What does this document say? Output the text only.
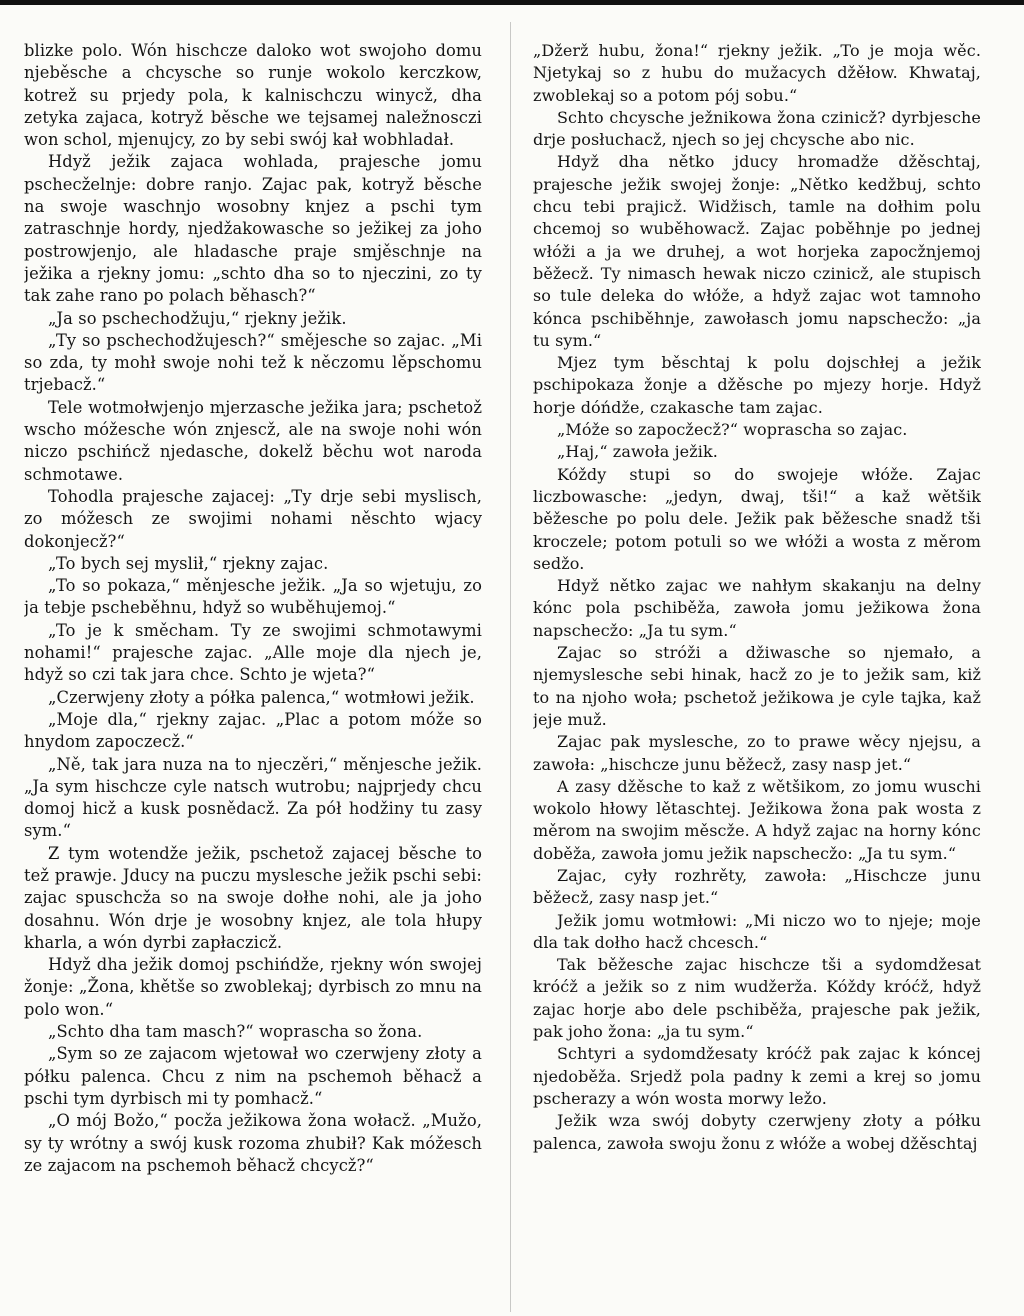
blizke polo. Wón hischcze daloko wot swojoho domu njeběsche a chcysche so runje wokolo kerczkow, kotrež su prjedy pola, k kalnischczu winycž, dha zetyka zajaca, kotryž běsche we tejsamej naležnosczi won schol, mjenujcy, zo by sebi swój kał wobhladał.

Hdyž ježik zajaca wohlada, prajesche jomu pschecželnje: dobre ranjo. Zajac pak, kotryž běsche na swoje waschnjo wosobny knjez a pschi tym zatraschnje hordy, njedžakowasche so ježikej za joho postrowjenjo, ale hladasche praje smjěschnje na ježika a rjekny jomu: „schto dha so to njeczini, zo ty tak zahe rano po polach běhasch?“

„Ja so pschechodžuju,“ rjekny ježik.

„Ty so pschechodžujesch?“ smějesche so zajac. „Mi so zda, ty mohł swoje nohi tež k něczomu lěpschomu trjebacž.“

Tele wotmołwjenjo mjerzasche ježika jara; pschetož wscho móžesche wón znjescž, ale na swoje nohi wón niczo pschińcž njedasche, dokelž běchu wot naroda schmotawe.

Tohodla prajesche zajacej: „Ty drje sebi myslisch, zo móžesch ze swojimi nohami něschto wjacy dokonjecž?“

„To bych sej myslił,“ rjekny zajac.

„To so pokaza,“ měnjesche ježik. „Ja so wjetuju, zo ja tebje pscheběhnu, hdyž so wuběhujemoj.“

„To je k směcham. Ty ze swojimi schmotawymi nohami!“ prajesche zajac. „Alle moje dla njech je, hdyž so czi tak jara chce. Schto je wjeta?“

„Czerwjeny złoty a półka palenca,“ wotmłowi ježik.

„Moje dla,“ rjekny zajac. „Plac a potom móže so hnydom zapoczecž.“

„Ně, tak jara nuza na to njeczěri,“ měnjesche ježik. „Ja sym hischcze cyle natsch wutrobu; najprjedy chcu domoj hicž a kusk posnědacž. Za pół hodžiny tu zasy sym.“

Z tym wotendže ježik, pschetož zajacej běsche to tež prawje. Jducy na puczu myslesche ježik pschi sebi: zajac spuschcža so na swoje dołhe nohi, ale ja joho dosahnu. Wón drje je wosobny knjez, ale tola hłupy kharla, a wón dyrbi zapłaczicž.

Hdyž dha ježik domoj pschińdže, rjekny wón swojej žonje: „Žona, khětše so zwoblekaj; dyrbisch zo mnu na polo won.“

„Schto dha tam masch?“ woprascha so žona.

„Sym so ze zajacom wjetował wo czerwjeny złoty a półku palenca. Chcu z nim na pschemoh běhacž a pschi tym dyrbisch mi ty pomhacž.“

„O mój Božo,“ pocža ježikowa žona wołacž. „Mužo, sy ty wrótny a swój kusk rozoma zhubił? Kak móžesch ze zajacom na pschemoh běhacž chcycž?“

„Džerž hubu, žona!“ rjekny ježik. „To je moja wěc. Njetykaj so z hubu do mužacych džěłow. Khwataj, zwoblekaj so a potom pój sobu.“

Schto chcysche ježnikowa žona czinicž? dyrbjesche drje posłuchacž, njech so jej chcysche abo nic.

Hdyž dha nětko jducy hromadže džěschtaj, prajesche ježik swojej žonje: „Nětko kedžbuj, schto chcu tebi prajicž. Widžisch, tamle na dołhim polu chcemoj so wuběhowacž. Zajac poběhnje po jednej włóži a ja we druhej, a wot horjeka zapocžnjemoj běžecž. Ty nimasch hewak niczo czinicž, ale stupisch so tule deleka do włóže, a hdyž zajac wot tamnoho kónca pschiběhnje, zawołasch jomu napschecžo: „ja tu sym.“

Mjez tym běschtaj k polu dojschłej a ježik pschipokaza žonje a džěsche po mjezy horje. Hdyž horje dóńdže, czakasche tam zajac.

„Móže so zapocžecž?“ woprascha so zajac.

„Haj,“ zawoła ježik.

Kóždy stupi so do swojeje włóže. Zajac liczbowasche: „jedyn, dwaj, tši!“ a kaž wětšik běžesche po polu dele. Ježik pak běžesche snadž tši kroczele; potom potuli so we włóži a wosta z měrom sedžo.

Hdyž nětko zajac we nahłym skakanju na delny kónc pola pschiběža, zawoła jomu ježikowa žona napschecžo: „Ja tu sym.“

Zajac so stróži a džiwasche so njemało, a njemyslesche sebi hinak, hacž zo je to ježik sam, kiž to na njoho woła; pschetož ježikowa je cyle tajka, kaž jeje muž.

Zajac pak myslesche, zo to prawe wěcy njejsu, a zawoła: „hischcze junu běžecž, zasy nasp jet.“

A zasy džěsche to kaž z wětšikom, zo jomu wuschi wokolo hłowy lětaschtej. Ježikowa žona pak wosta z měrom na swojim měscže. A hdyž zajac na horny kónc doběža, zawoła jomu ježik napschecžo: „Ja tu sym.“

Zajac, cyły rozhrěty, zawoła: „Hischcze junu běžecž, zasy nasp jet.“

Ježik jomu wotmłowi: „Mi niczo wo to njeje; moje dla tak dołho hacž chcesch.“

Tak běžesche zajac hischcze tši a sydomdžesat króćž a ježik so z nim wudžerža. Kóždy króćž, hdyž zajac horje abo dele pschiběža, prajesche pak ježik, pak joho žona: „ja tu sym.“

Schtyri a sydomdžesaty króćž pak zajac k kóncej njedoběža. Srjedž pola padny k zemi a krej so jomu pscherazy a wón wosta morwy ležo.

Ježik wza swój dobyty czerwjeny złoty a półku palenca, zawoła swoju žonu z włóže a wobej džěschtaj
